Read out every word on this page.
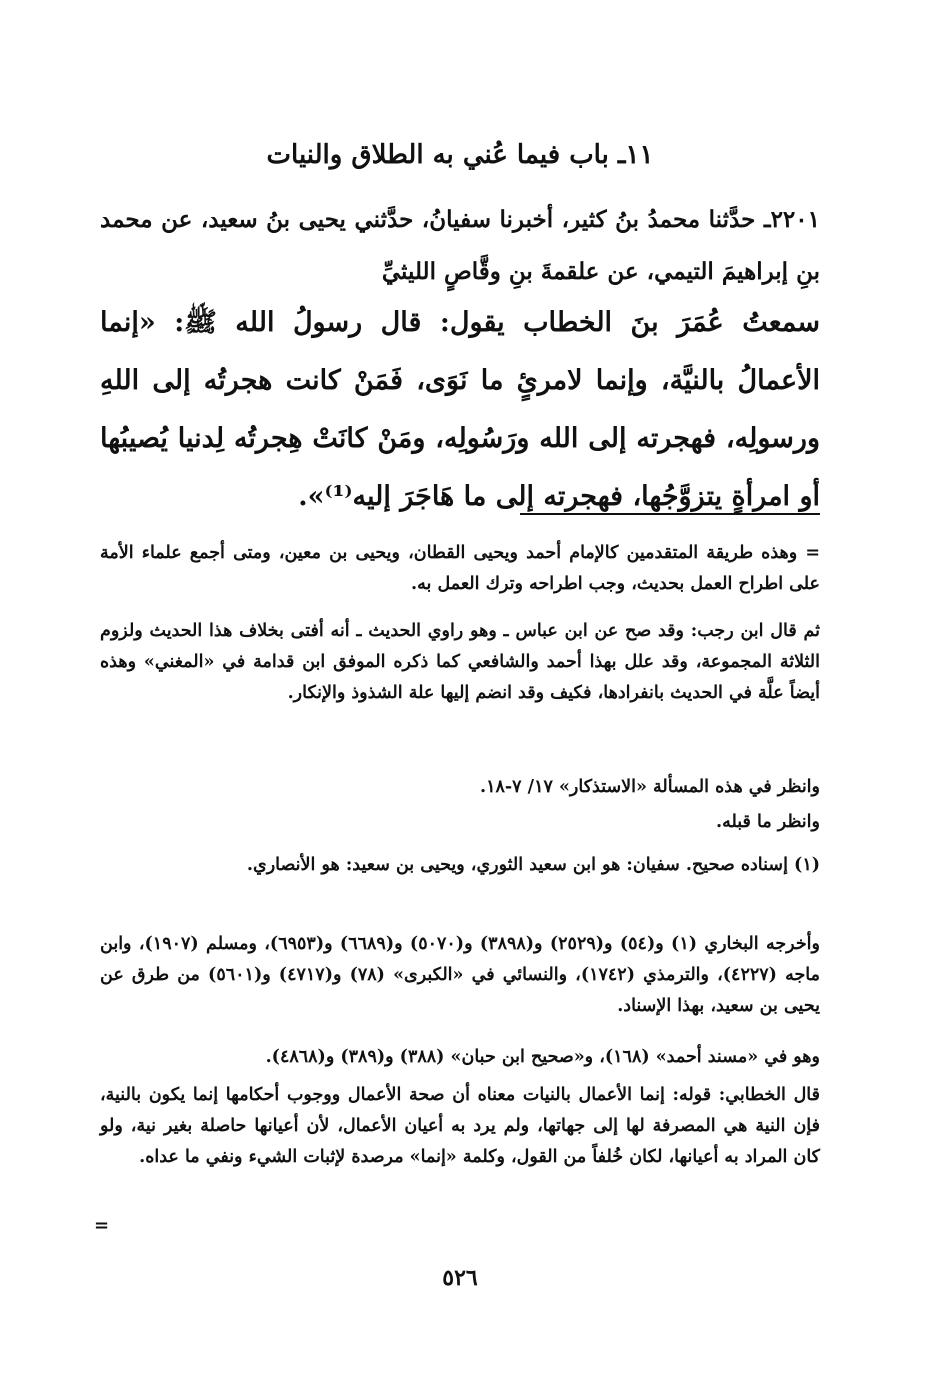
١١ـ باب فيما عُني به الطلاق والنيات

٢٢٠١ـ حدَّثنا محمدُ بنُ كثير، أخبرنا سفيانُ، حدَّثني يحيى بنُ سعيد، عن محمد بنِ إبراهيمَ التيمي، عن علقمةَ بنِ وقَّاصٍ الليثيِّ

سمعتُ عُمَرَ بنَ الخطاب يقول: قال رسولُ الله ﷺ: «إنما الأعمالُ بالنيَّة، وإنما لامرئٍ ما نَوَى، فَمَنْ كانت هجرتُه إلى اللهِ ورسولِه، فهجرته إلى الله ورَسُولِه، ومَنْ كانَتْ هِجرتُه لِدنيا يُصيبُها أو امرأةٍ يتزوَّجُها، فهجرته إلى ما هَاجَرَ إليه⁽¹⁾».

= وهذه طريقة المتقدمين كالإمام أحمد ويحيى القطان، ويحيى بن معين، ومتى أجمع علماء الأمة على اطراح العمل بحديث، وجب اطراحه وترك العمل به.

ثم قال ابن رجب: وقد صح عن ابن عباس ـ وهو راوي الحديث ـ أنه أفتى بخلاف هذا الحديث ولزوم الثلاثة المجموعة، وقد علل بهذا أحمد والشافعي كما ذكره الموفق ابن قدامة في «المغني» وهذه أيضاً علَّة في الحديث بانفرادها، فكيف وقد انضم إليها علة الشذوذ والإنكار.

وانظر في هذه المسألة «الاستذكار» ١٧/ ٧-١٨.

وانظر ما قبله.

(١) إسناده صحيح. سفيان: هو ابن سعيد الثوري، ويحيى بن سعيد: هو الأنصاري.

وأخرجه البخاري (١) و(٥٤) و(٢٥٢٩) و(٣٨٩٨) و(٥٠٧٠) و(٦٦٨٩) و(٦٩٥٣)، ومسلم (١٩٠٧)، وابن ماجه (٤٢٢٧)، والترمذي (١٧٤٢)، والنسائي في «الكبرى» (٧٨) و(٤٧١٧) و(٥٦٠١) من طرق عن يحيى بن سعيد، بهذا الإسناد.

وهو في «مسند أحمد» (١٦٨)، و«صحيح ابن حبان» (٣٨٨) و(٣٨٩) و(٤٨٦٨).

قال الخطابي: قوله: إنما الأعمال بالنيات معناه أن صحة الأعمال ووجوب أحكامها إنما يكون بالنية، فإن النية هي المصرفة لها إلى جهاتها، ولم يرد به أعيان الأعمال، لأن أعيانها حاصلة بغير نية، ولو كان المراد به أعيانها، لكان خُلفاً من القول، وكلمة «إنما» مرصدة لإثبات الشيء ونفي ما عداه.

=
٥٢٦
